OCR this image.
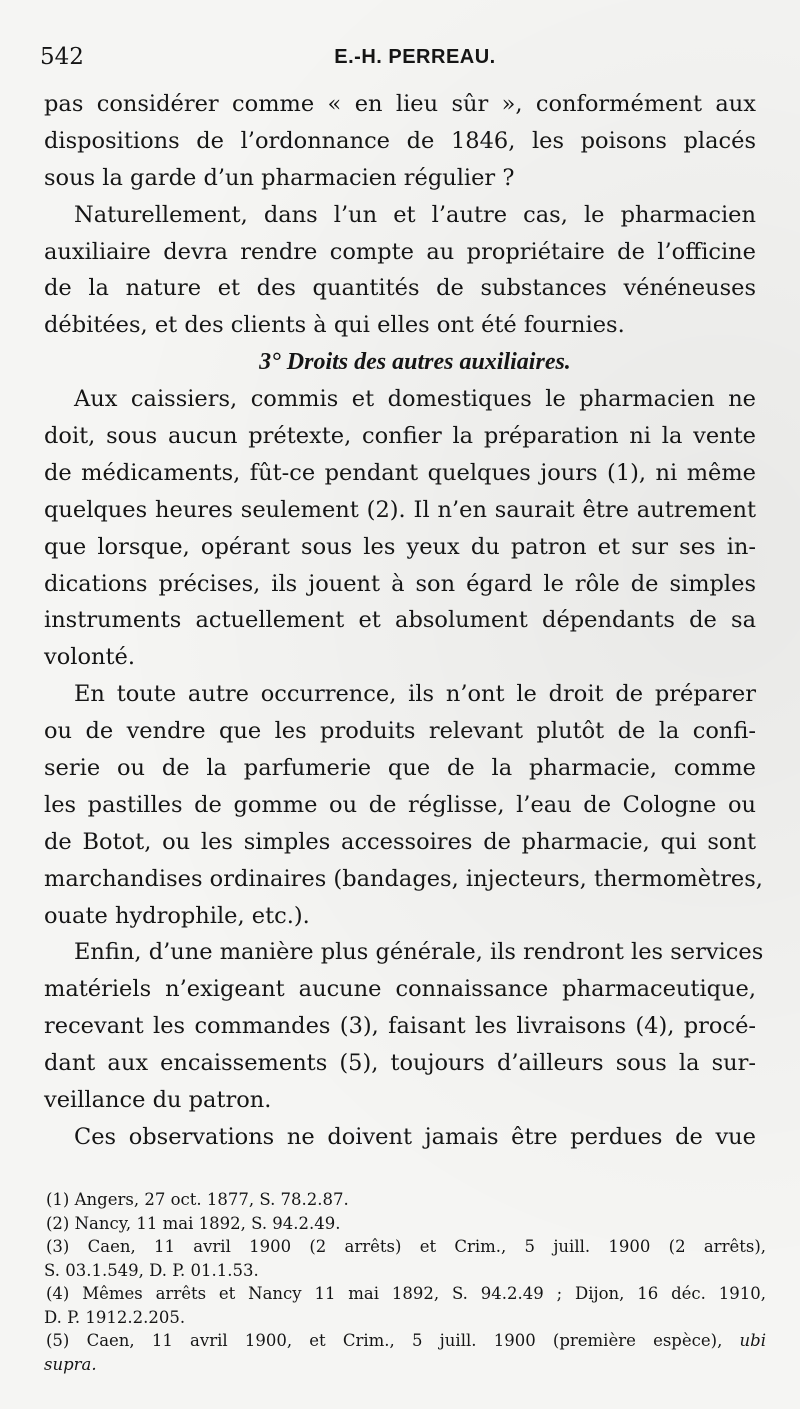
542	E.-H. PERREAU.
pas considérer comme « en lieu sûr », conformément aux
dispositions de l’ordonnance de 1846, les poisons placés
sous la garde d’un pharmacien régulier ?
Naturellement, dans l’un et l’autre cas, le pharmacien
auxiliaire devra rendre compte au propriétaire de l’officine
de la nature et des quantités de substances vénéneuses
débitées, et des clients à qui elles ont été fournies.
3° Droits des autres auxiliaires.
Aux caissiers, commis et domestiques le pharmacien ne
doit, sous aucun prétexte, confier la préparation ni la vente
de médicaments, fût-ce pendant quelques jours (1), ni même
quelques heures seulement (2). Il n’en saurait être autrement
que lorsque, opérant sous les yeux du patron et sur ses in-
dications précises, ils jouent à son égard le rôle de simples
instruments actuellement et absolument dépendants de sa
volonté.
En toute autre occurrence, ils n’ont le droit de préparer
ou de vendre que les produits relevant plutôt de la confi-
serie ou de la parfumerie que de la pharmacie, comme
les pastilles de gomme ou de réglisse, l’eau de Cologne ou
de Botot, ou les simples accessoires de pharmacie, qui sont
marchandises ordinaires (bandages, injecteurs, thermomètres,
ouate hydrophile, etc.).
Enfin, d’une manière plus générale, ils rendront les services
matériels n’exigeant aucune connaissance pharmaceutique,
recevant les commandes (3), faisant les livraisons (4), procé-
dant aux encaissements (5), toujours d’ailleurs sous la sur-
veillance du patron.
Ces observations ne doivent jamais être perdues de vue
(1) Angers, 27 oct. 1877, S. 78.2.87.
(2) Nancy, 11 mai 1892, S. 94.2.49.
(3) Caen, 11 avril 1900 (2 arrêts) et Crim., 5 juill. 1900 (2 arrêts),
S. 03.1.549, D. P. 01.1.53.
(4) Mêmes arrêts et Nancy 11 mai 1892, S. 94.2.49 ; Dijon, 16 déc. 1910,
D. P. 1912.2.205.
(5) Caen, 11 avril 1900, et Crim., 5 juill. 1900 (première espèce), ubi
supra.
